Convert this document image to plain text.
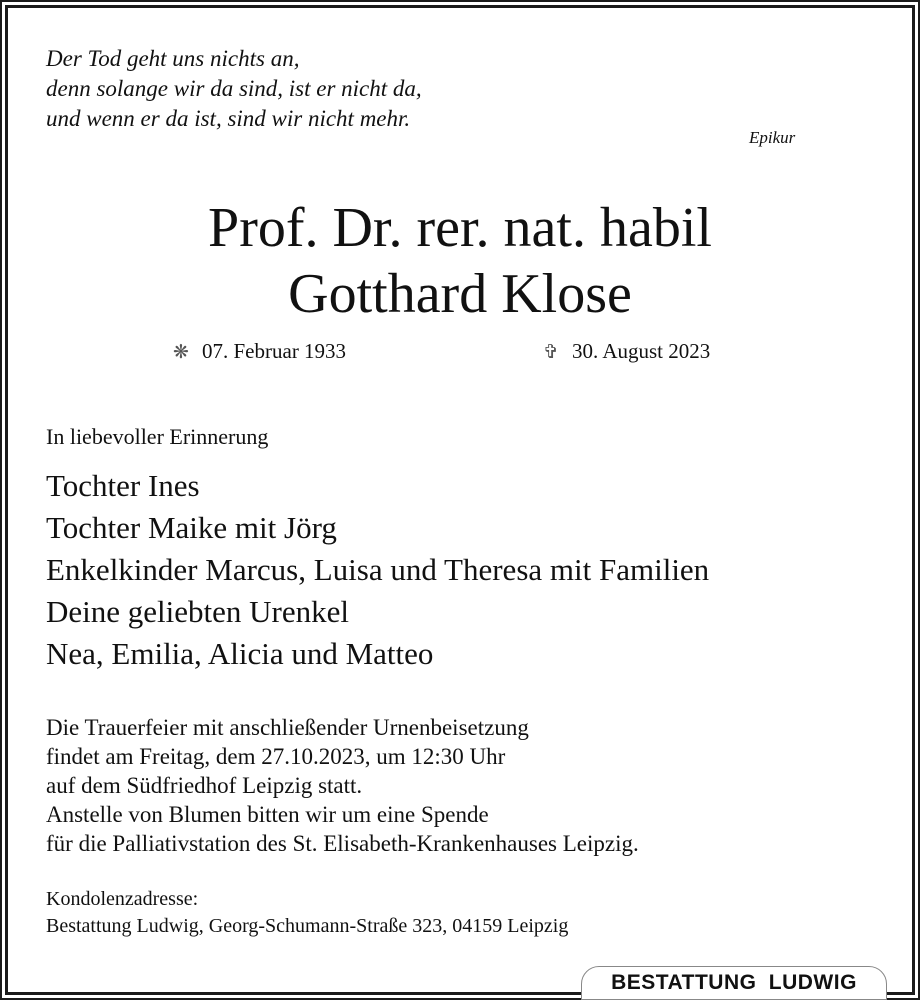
Der Tod geht uns nichts an,
denn solange wir da sind, ist er nicht da,
und wenn er da ist, sind wir nicht mehr.
Epikur
Prof. Dr. rer. nat. habil
Gotthard Klose
❋ 07. Februar 1933	✞ 30. August 2023
In liebevoller Erinnerung
Tochter Ines
Tochter Maike mit Jörg
Enkelkinder Marcus, Luisa und Theresa mit Familien
Deine geliebten Urenkel
Nea, Emilia, Alicia und Matteo
Die Trauerfeier mit anschließender Urnenbeisetzung
findet am Freitag, dem 27.10.2023, um 12:30 Uhr
auf dem Südfriedhof Leipzig statt.
Anstelle von Blumen bitten wir um eine Spende
für die Palliativstation des St. Elisabeth-Krankenhauses Leipzig.
Kondolenzadresse:
Bestattung Ludwig, Georg-Schumann-Straße 323, 04159 Leipzig
BESTATTUNG LUDWIG
